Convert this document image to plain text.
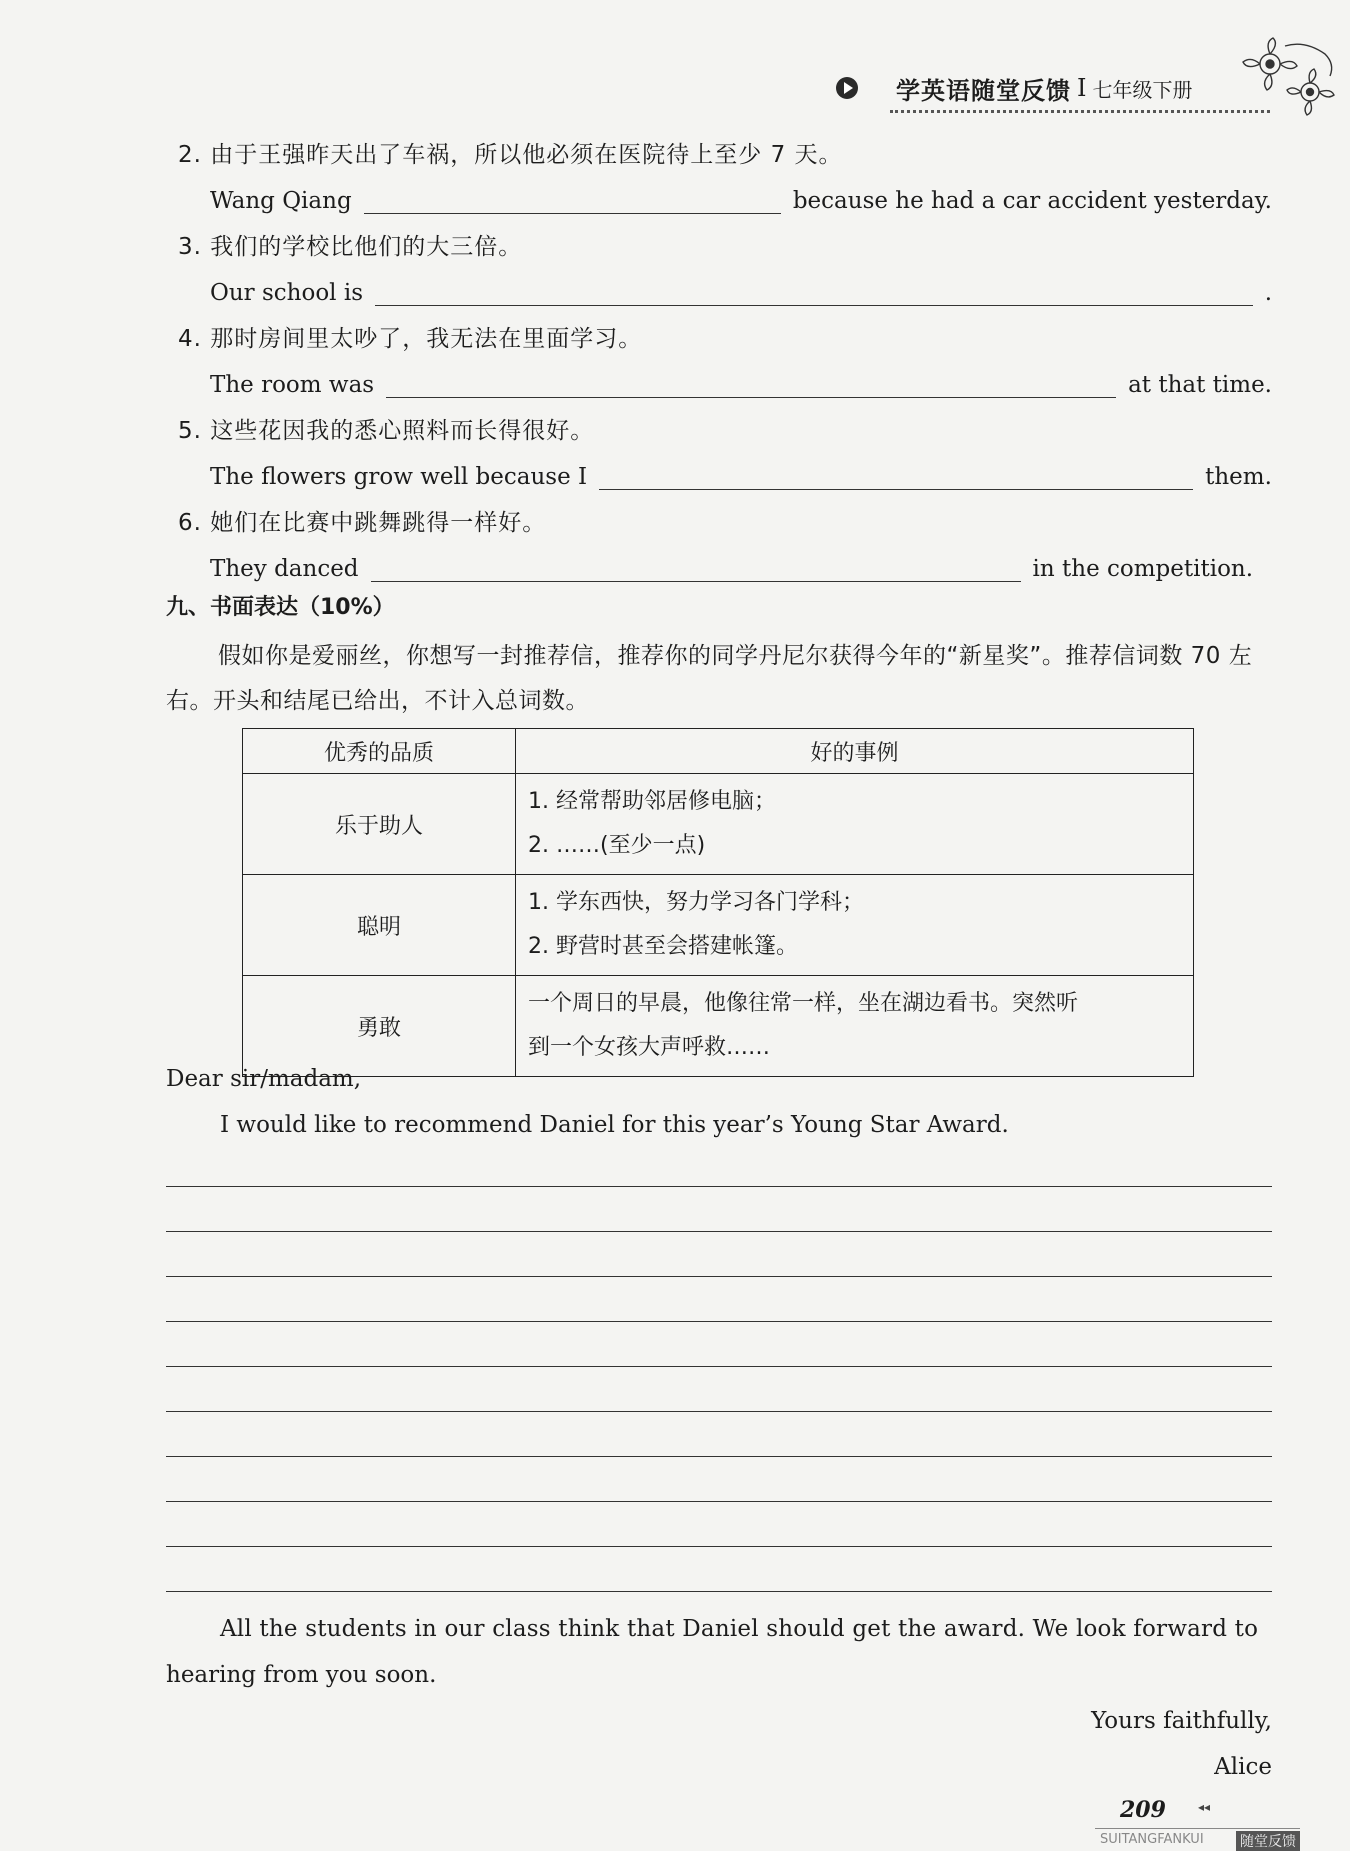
学英语随堂反馈 I 七年级下册
2. 由于王强昨天出了车祸，所以他必须在医院待上至少 7 天。
Wang Qiang	because he had a car accident yesterday.
3. 我们的学校比他们的大三倍。
Our school is	.
4. 那时房间里太吵了，我无法在里面学习。
The room was	at that time.
5. 这些花因我的悉心照料而长得很好。
The flowers grow well because I	them.
6. 她们在比赛中跳舞跳得一样好。
They danced	in the competition.
九、书面表达（10%）
假如你是爱丽丝，你想写一封推荐信，推荐你的同学丹尼尔获得今年的“新星奖”。推荐信词数 70 左右。开头和结尾已给出，不计入总词数。
优秀的品质	好的事例
乐于助人	1. 经常帮助邻居修电脑；
2. ……(至少一点)

聪明	1. 学东西快，努力学习各门学科；
2. 野营时甚至会搭建帐篷。

勇敢	一个周日的早晨，他像往常一样，坐在湖边看书。突然听
到一个女孩大声呼救……
Dear sir/madam,
I would like to recommend Daniel for this year’s Young Star Award.
All the students in our class think that Daniel should get the award. We look forward to
hearing from you soon.
Yours faithfully,
Alice
209	◂◂
SUITANGFANKUI	随堂反馈
